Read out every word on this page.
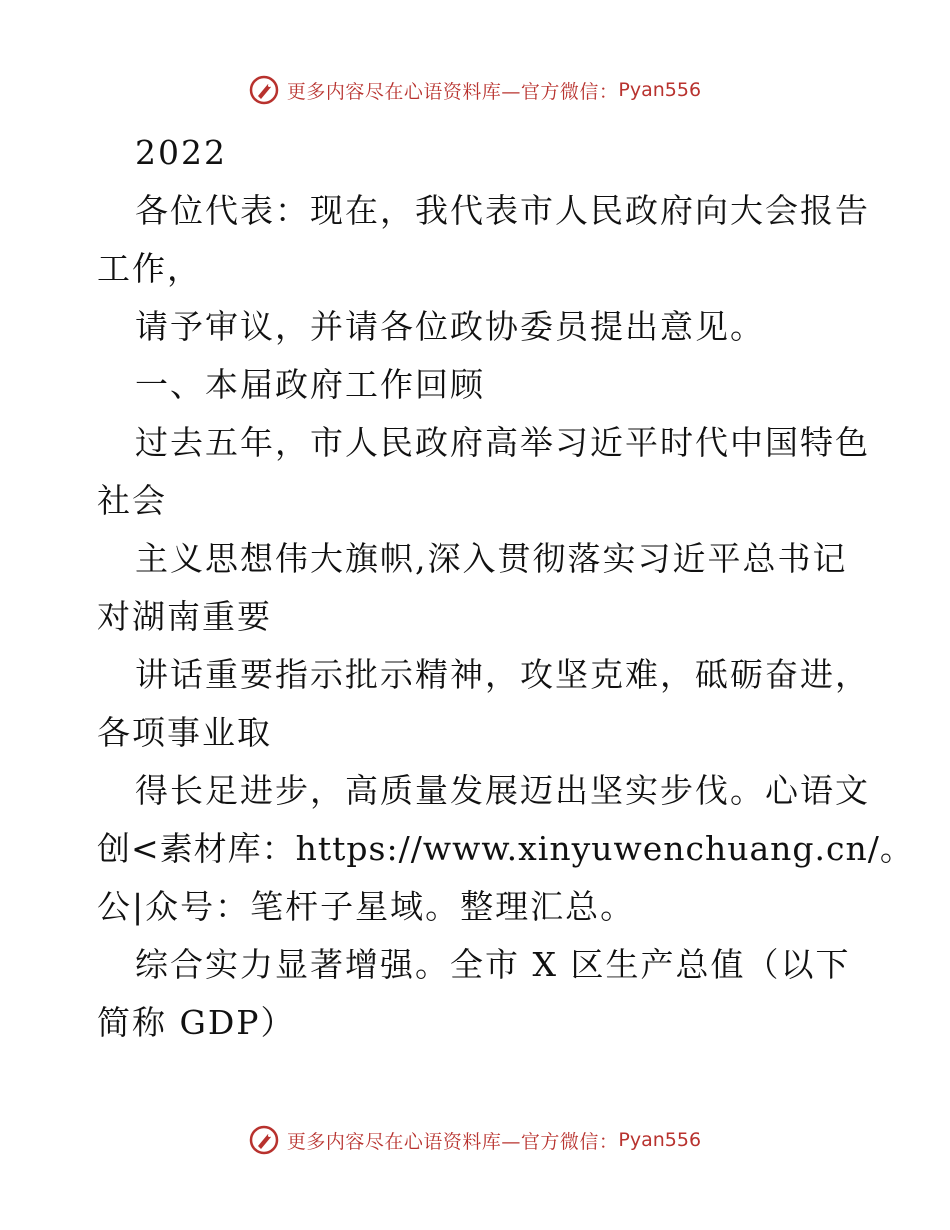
更多内容尽在心语资料库—官方微信： Pyan556
2022
各位代表：现在，我代表市人民政府向大会报告
工作，
请予审议，并请各位政协委员提出意见。
一、本届政府工作回顾
过去五年，市人民政府高举习近平时代中国特色
社会
主义思想伟大旗帜,深入贯彻落实习近平总书记
对湖南重要
讲话重要指示批示精神，攻坚克难，砥砺奋进，
各项事业取
得长足进步，高质量发展迈出坚实步伐。心语文
创<素材库：https://www.xinyuwenchuang.cn/。
公|众号：笔杆子星域。整理汇总。
综合实力显著增强。全市 X 区生产总值（以下
简称 GDP）
更多内容尽在心语资料库—官方微信： Pyan556
